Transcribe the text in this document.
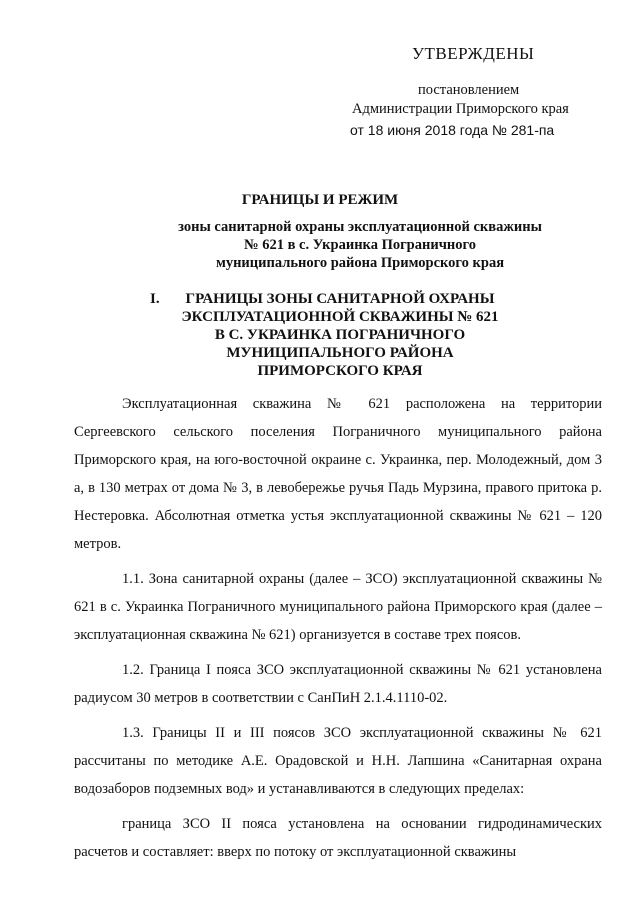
УТВЕРЖДЕНЫ
постановлением
Администрации Приморского края
от 18 июня 2018 года № 281-па
ГРАНИЦЫ И РЕЖИМ
зоны санитарной охраны эксплуатационной скважины
№ 621 в с. Украинка Пограничного
муниципального района Приморского края
I.	ГРАНИЦЫ ЗОНЫ САНИТАРНОЙ ОХРАНЫ
ЭКСПЛУАТАЦИОННОЙ СКВАЖИНЫ № 621
В С. УКРАИНКА ПОГРАНИЧНОГО
МУНИЦИПАЛЬНОГО РАЙОНА
ПРИМОРСКОГО КРАЯ

Эксплуатационная скважина № 621 расположена на территории Сергеевского сельского поселения Пограничного муниципального района Приморского края, на юго-восточной окраине с. Украинка, пер. Молодежный, дом 3 а, в 130 метрах от дома № 3, в левобережье ручья Падь Мурзина, правого притока р. Нестеровка. Абсолютная отметка устья эксплуатационной скважины № 621 – 120 метров.

1.1. Зона санитарной охраны (далее – ЗСО) эксплуатационной скважины № 621 в с. Украинка Пограничного муниципального района Приморского края (далее – эксплуатационная скважина № 621) организуется в составе трех поясов.

1.2. Граница I пояса ЗСО эксплуатационной скважины № 621 установлена радиусом 30 метров в соответствии с СанПиН 2.1.4.1110-02.

1.3. Границы II и III поясов ЗСО эксплуатационной скважины № 621 рассчитаны по методике А.Е. Орадовской и Н.Н. Лапшина «Санитарная охрана водозаборов подземных вод» и устанавливаются в следующих пределах:

граница ЗСО II пояса установлена на основании гидродинамических расчетов и составляет: вверх по потоку от эксплуатационной скважины
